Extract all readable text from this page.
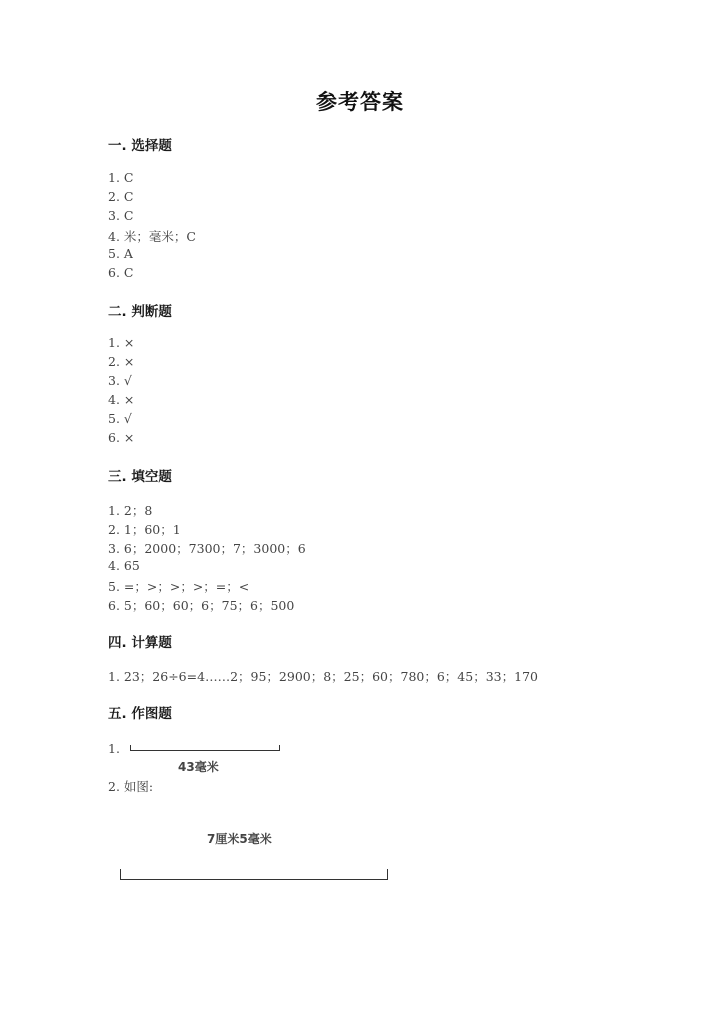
参考答案
一. 选择题
1. C
2. C
3. C
4. 米；毫米；C
5. A
6. C
二. 判断题
1. ×
2. ×
3. √
4. ×
5. √
6. ×
三. 填空题
1. 2；8
2. 1；60；1
3. 6；2000；7300；7；3000；6
4. 65
5. =；>；>；>；=；<
6. 5；60；60；6；75；6；500
四. 计算题
1. 23；26÷6=4……2；95；2900；8；25；60；780；6；45；33；170
五. 作图题
1.
43毫米
2. 如图:
7厘米5毫米
